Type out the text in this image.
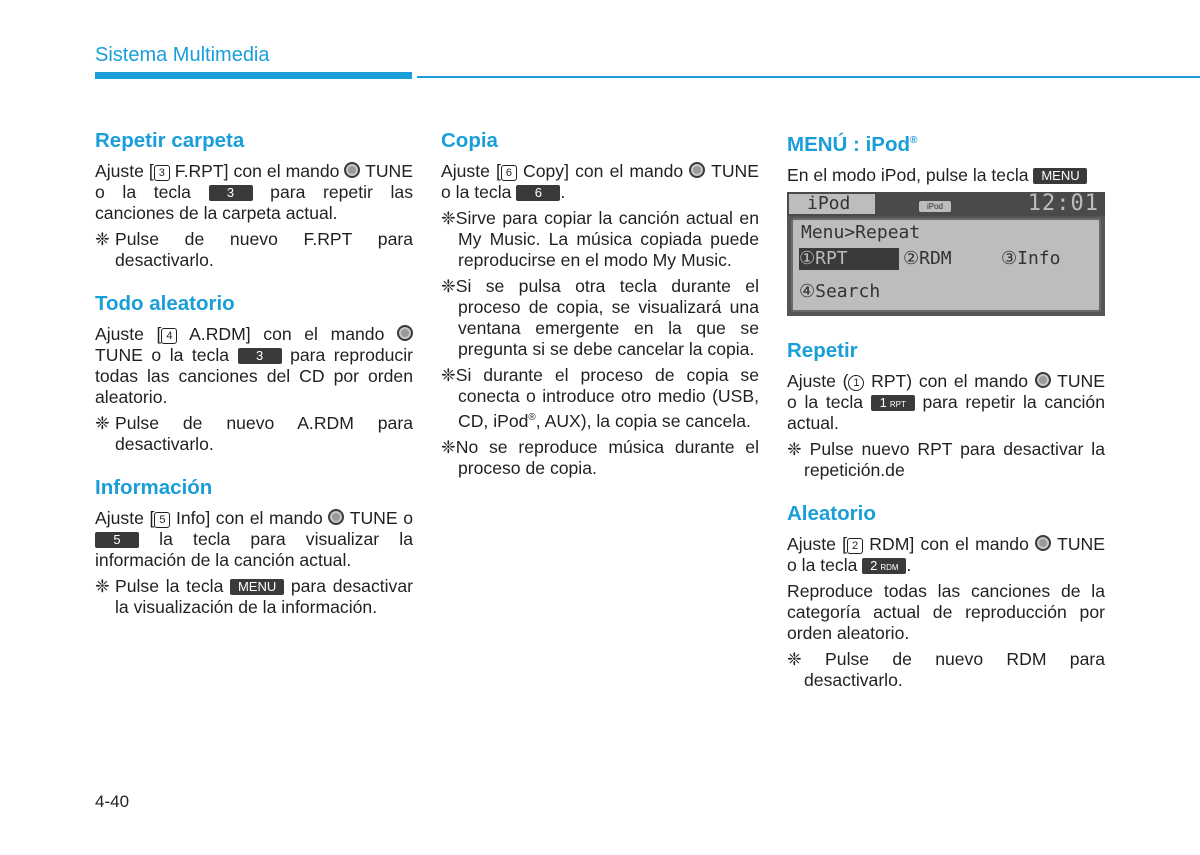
Sistema Multimedia
Repetir carpeta

Ajuste [ 3 F.RPT] con el mando  TUNE o la tecla 3 para repetir las canciones de la carpeta actual.

❈ Pulse de nuevo F.RPT para desactivarlo.
Todo aleatorio

Ajuste [ 4 A.RDM] con el mando  TUNE o la tecla 3 para reproducir todas las canciones del CD por orden aleatorio.

❈ Pulse de nuevo A.RDM para desactivarlo.
Información

Ajuste [ 5 Info] con el mando  TUNE o 5 la tecla para visualizar la información de la canción actual.

❈ Pulse la tecla MENU para desactivar la visualización de la información.
Copia

Ajuste [ 6 Copy] con el mando  TUNE o la tecla 6 .

❈Sirve para copiar la canción actual en My Music. La música copiada puede reproducirse en el modo My Music.
❈Si se pulsa otra tecla durante el proceso de copia, se visualizará una ventana emergente en la que se pregunta si se debe cancelar la copia.
❈Si durante el proceso de copia se conecta o introduce otro medio (USB, CD, iPod®, AUX), la copia se cancela.
❈No se reproduce música durante el proceso de copia.
MENÚ : iPod®

En el modo iPod, pulse la tecla MENU

iPod	iPod	12:01
Menu>Repeat
①RPT	②RDM	③Info
④Search
Repetir

Ajuste ( 1 RPT) con el mando  TUNE o la tecla 1 RPT para repetir la canción actual.

❈ Pulse nuevo RPT para desactivar la repetición.de
Aleatorio

Ajuste [ 2 RDM] con el mando  TUNE o la tecla 2 RDM .

Reproduce todas las canciones de la categoría actual de reproducción por orden aleatorio.

❈ Pulse de nuevo RDM para desactivarlo.
4-40
